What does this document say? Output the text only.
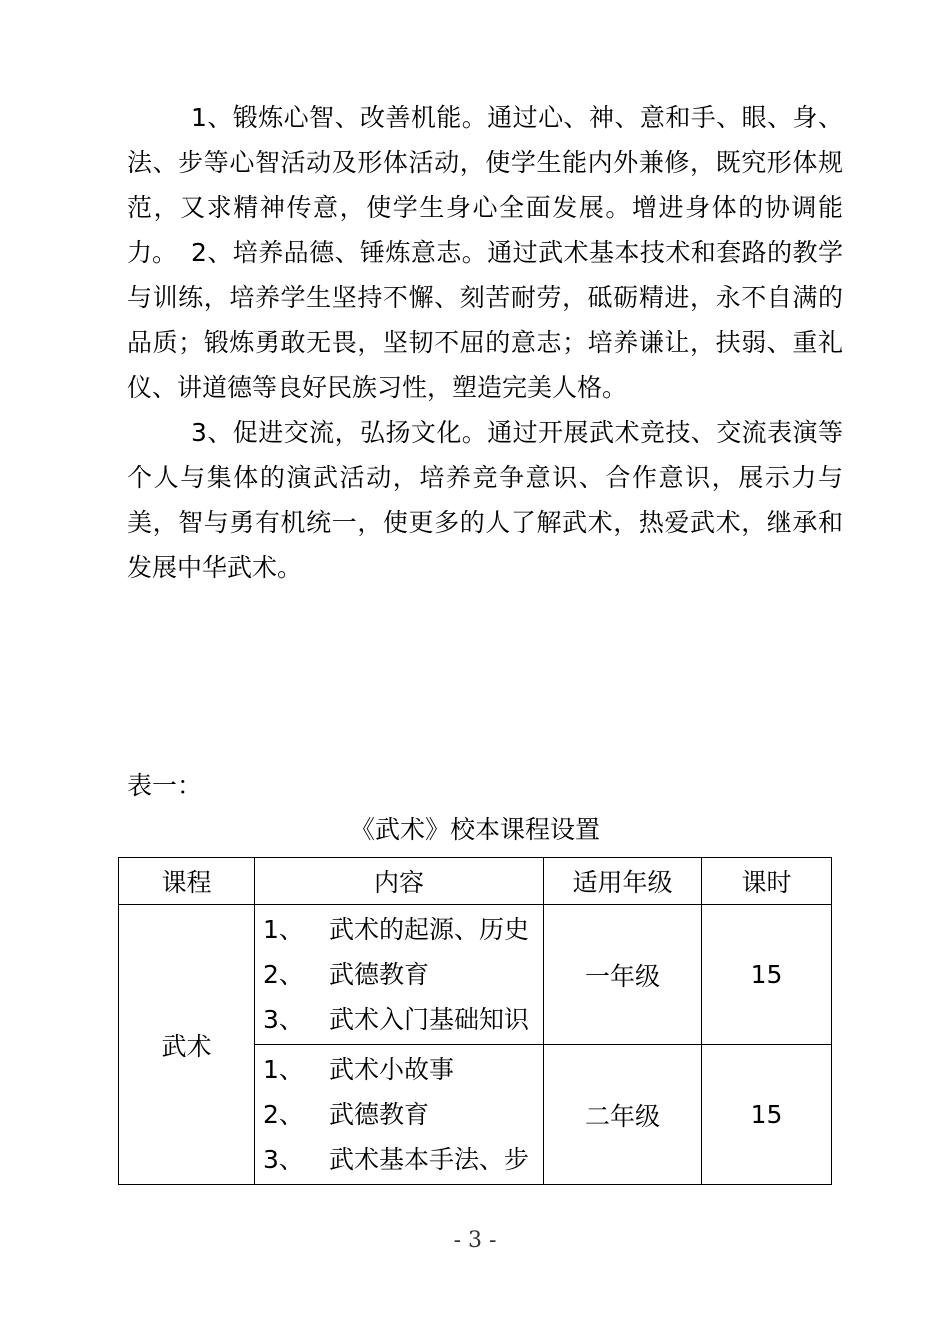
1、锻炼心智、改善机能。通过心、神、意和手、眼、身、法、步等心智活动及形体活动，使学生能内外兼修，既究形体规范，又求精神传意，使学生身心全面发展。增进身体的协调能力。 2、培养品德、锤炼意志。通过武术基本技术和套路的教学与训练，培养学生坚持不懈、刻苦耐劳，砥砺精进，永不自满的品质；锻炼勇敢无畏，坚韧不屈的意志；培养谦让，扶弱、重礼仪、讲道德等良好民族习性，塑造完美人格。

3、促进交流，弘扬文化。通过开展武术竞技、交流表演等个人与集体的演武活动，培养竞争意识、合作意识，展示力与美，智与勇有机统一，使更多的人了解武术，热爱武术，继承和发展中华武术。

表一：
《武术》校本课程设置
课程	内容	适用年级	课时
武术	1、 武术的起源、历史
2、 武德教育
3、 武术入门基础知识	一年级	15

	1、 武术小故事
2、 武德教育
3、 武术基本手法、步	二年级	15
- 3 -
